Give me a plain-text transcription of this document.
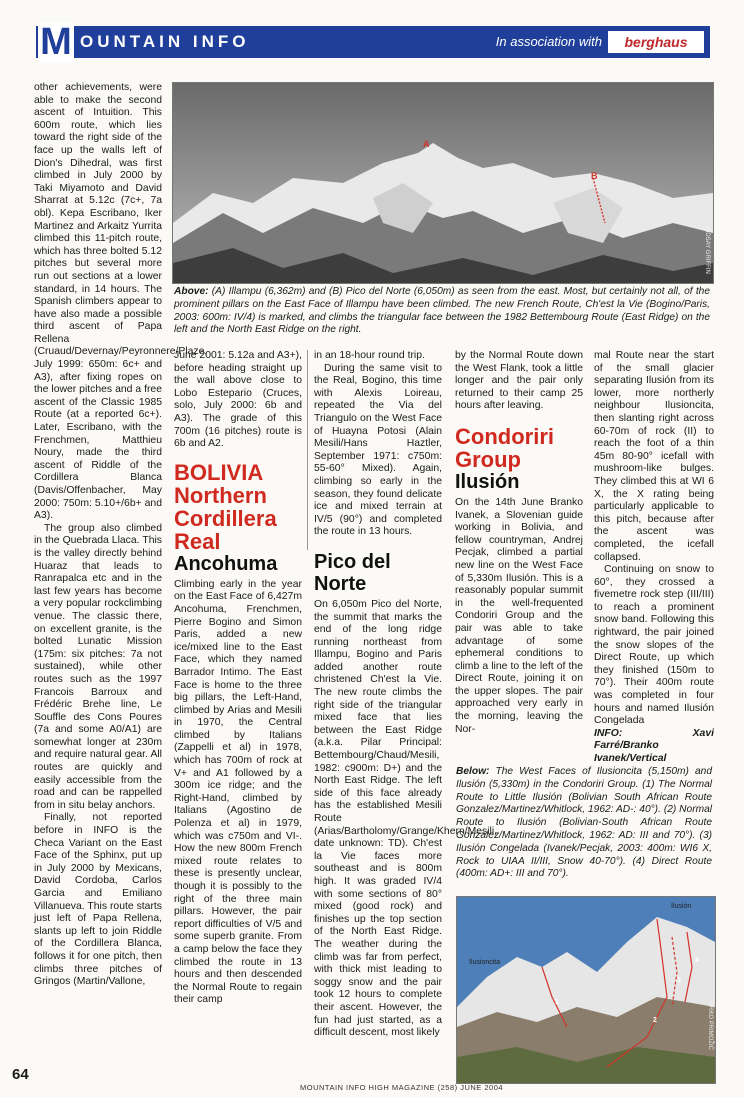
M OUNTAIN INFO	In association with	berghaus

other achievements, were able to make the second ascent of Intuition. This 600m route, which lies toward the right side of the face up the walls left of Dion's Dihedral, was first climbed in July 2000 by Taki Miyamoto and David Sharrat at 5.12c (7c+, 7a obl). Kepa Escribano, Iker Martinez and Arkaitz Yurrita climbed this 11-pitch route, which has three bolted 5.12 pitches but several more run out sections at a lower standard, in 14 hours. The Spanish climbers appear to have also made a possible third ascent of Papa Rellena (Cruaud/Devernay/Peyronnere/Plaze, July 1999: 650m: 6c+ and A3), after fixing ropes on the lower pitches and a free ascent of the Classic 1985 Route (at a reported 6c+). Later, Escribano, with the Frenchmen, Matthieu Noury, made the third ascent of Riddle of the Cordillera Blanca (Davis/Offenbacher, May 2000: 750m: 5.10+/6b+ and A3).

The group also climbed in the Quebrada Llaca. This is the valley directly behind Huaraz that leads to Ranrapalca etc and in the last few years has become a very popular rockclimbing venue. The classic there, on excellent granite, is the bolted Lunatic Mission (175m: six pitches: 7a not sustained), while other routes such as the 1997 Francois Barroux and Frédéric Brehe line, Le Souffle des Cons Poures (7a and some A0/A1) are somewhat longer at 230m and require natural gear. All routes are quickly and easily accessible from the road and can be rappelled from in situ belay anchors.

Finally, not reported before in INFO is the Checa Variant on the East Face of the Sphinx, put up in July 2000 by Mexicans, David Cordoba, Carlos Garcia and Emiliano Villanueva. This route starts just left of Papa Rellena, slants up left to join Riddle of the Cordillera Blanca, follows it for one pitch, then climbs three pitches of Gringos (Martin/Vallone,

A
B
LINDSAY GRIFFIN
Above: (A) Illampu (6,362m) and (B) Pico del Norte (6,050m) as seen from the east. Most, but certainly not all, of the prominent pillars on the East Face of Illampu have been climbed. The new French Route, Ch'est la Vie (Bogino/Paris, 2003: 600m: IV/4) is marked, and climbs the triangular face between the 1982 Bettembourg Route (East Ridge) on the left and the North East Ridge on the right.

June 2001: 5.12a and A3+), before heading straight up the wall above close to Lobo Estepario (Cruces, solo, July 2000: 6b and A3). The grade of this 700m (16 pitches) route is 6b and A2.

BOLIVIA
Northern
Cordillera
Real
Ancohuma

Climbing early in the year on the East Face of 6,427m Ancohuma, Frenchmen, Pierre Bogino and Simon Paris, added a new ice/mixed line to the East Face, which they named Barrador Intimo. The East Face is home to the three big pillars, the Left-Hand, climbed by Arias and Mesili in 1970, the Central climbed by Italians (Zappelli et al) in 1978, which has 700m of rock at V+ and A1 followed by a 300m ice ridge; and the Right-Hand, climbed by Italians (Agostino de Polenza et al) in 1979, which was c750m and VI-. How the new 800m French mixed route relates to these is presently unclear, though it is possibly to the right of the three main pillars. However, the pair report difficulties of V/5 and some superb granite. From a camp below the face they climbed the route in 13 hours and then descended the Normal Route to regain their camp

in an 18-hour round trip.

During the same visit to the Real, Bogino, this time with Alexis Loireau, repeated the Via del Triangulo on the West Face of Huayna Potosi (Alain Mesili/Hans Haztler, September 1971: c750m: 55-60° Mixed). Again, climbing so early in the season, they found delicate ice and mixed terrain at IV/5 (90°) and completed the route in 13 hours.

Pico del Norte

On 6,050m Pico del Norte, the summit that marks the end of the long ridge running northeast from Illampu, Bogino and Paris added another route christened Ch'est la Vie. The new route climbs the right side of the triangular mixed face that lies between the East Ridge (a.k.a. Pilar Principal: Bettembourg/Chaud/Mesili, 1982: c900m: D+) and the North East Ridge. The left side of this face already has the established Mesili Route (Arias/Bartholomy/Grange/Khern/Mesili, date unknown: TD). Ch'est la Vie faces more southeast and is 800m high. It was graded IV/4 with some sections of 80° mixed (good rock) and finishes up the top section of the North East Ridge. The weather during the climb was far from perfect, with thick mist leading to soggy snow and the pair took 12 hours to complete their ascent. However, the fun had just started, as a difficult descent, most likely

by the Normal Route down the West Flank, took a little longer and the pair only returned to their camp 25 hours after leaving.

Condoriri
Group
Ilusión

On the 14th June Branko Ivanek, a Slovenian guide working in Bolivia, and fellow countryman, Andrej Pecjak, climbed a partial new line on the West Face of 5,330m Ilusión. This is a reasonably popular summit in the well-frequented Condoriri Group and the pair was able to take advantage of some ephemeral conditions to climb a line to the left of the Direct Route, joining it on the upper slopes. The pair approached very early in the morning, leaving the Nor-

mal Route near the start of the small glacier separating Ilusión from its lower, more northerly neighbour Ilusioncita, then slanting right across 60-70m of rock (II) to reach the foot of a thin 45m 80-90° icefall with mushroom-like bulges. They climbed this at WI 6 X, the X rating being particularly applicable to this pitch, because after the ascent was completed, the icefall collapsed.

Continuing on snow to 60°, they crossed a fivemetre rock step (III/III) to reach a prominent snow band. Following this rightward, the pair joined the snow slopes of the Direct Route, up which they finished (150m to 70°). Their 400m route was completed in four hours and named Ilusión Congelada

INFO: Xavi Farré/Branko Ivanek/Vertical

Below: The West Faces of Ilusioncita (5,150m) and Ilusión (5,330m) in the Condoriri Group. (1) The Normal Route to Little Ilusión (Bolivian South African Route Gonzalez/Martinez/Whitlock, 1962: AD-: 40°). (2) Normal Route to Ilusión (Bolivian-South African Route Gonzalez/Martinez/Whitlock, 1962: AD: III and 70°). (3) Ilusión Congelada (Ivanek/Pecjak, 2003: 400m: WI6 X, Rock to UIAA II/III, Snow 40-70°). (4) Direct Route (400m: AD+: III and 70°).
Ilusioncita
Ilusión
1
2
3
4
MARKO PRIMOŽIČ
64
MOUNTAIN INFO HIGH MAGAZINE (258) JUNE 2004
